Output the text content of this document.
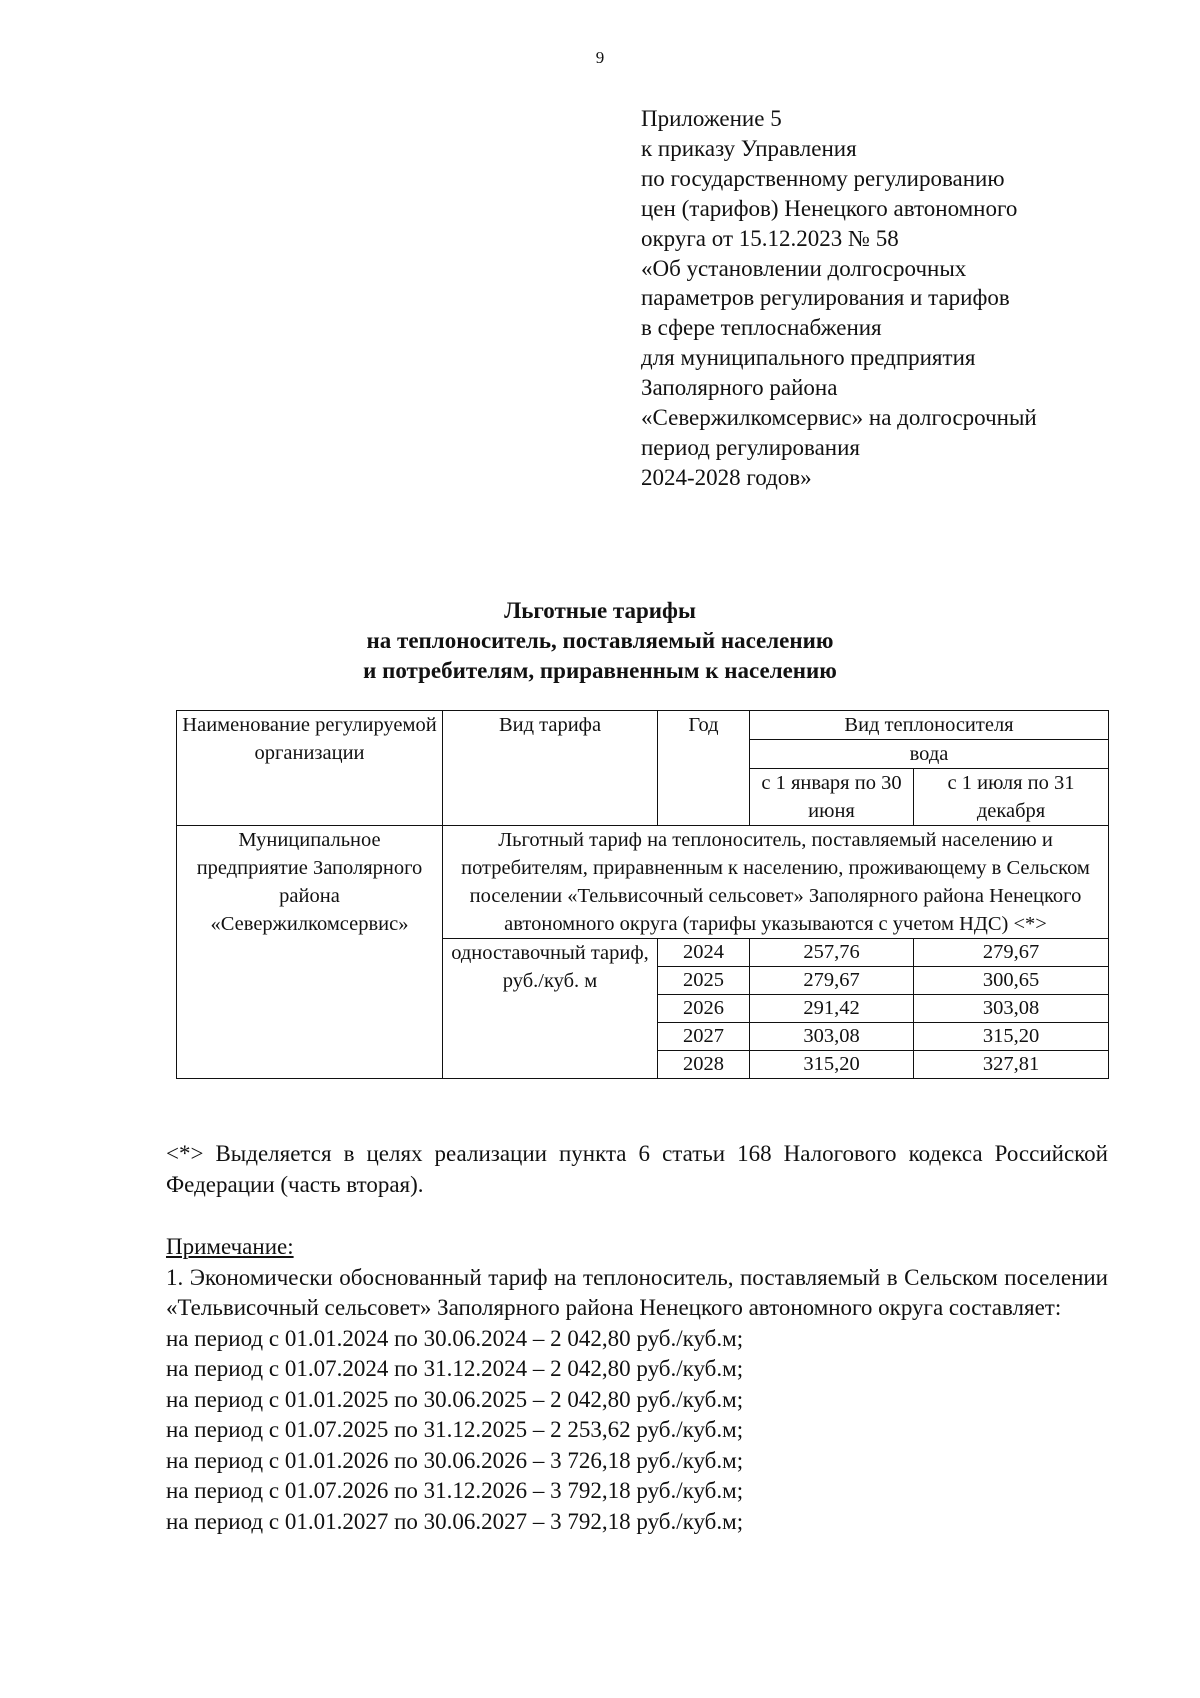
9
Приложение 5
к приказу Управления
по государственному регулированию
цен (тарифов) Ненецкого автономного
округа от 15.12.2023 № 58
«Об установлении долгосрочных
параметров регулирования и тарифов
в сфере теплоснабжения
для муниципального предприятия
Заполярного района
«Севержилкомсервис» на долгосрочный
период регулирования
2024-2028 годов»
Льготные тарифы
на теплоноситель, поставляемый населению
и потребителям, приравненным к населению
Наименование регулируемой организации	Вид тарифа	Год	Вид теплоносителя	
			вода	
			с 1 января по 30 июня	с 1 июля по 31 декабря
Муниципальное предприятие Заполярного района «Севержилкомсервис»	Льготный тариф на теплоноситель, поставляемый населению и потребителям, приравненным к населению, проживающему в Сельском поселении «Тельвисочный сельсовет» Заполярного района Ненецкого автономного округа (тарифы указываются с учетом НДС) <*>			
	одноставочный тариф, руб./куб. м	2024	257,76	279,67
		2025	279,67	300,65
		2026	291,42	303,08
		2027	303,08	315,20
		2028	315,20	327,81
<*> Выделяется в целях реализации пункта 6 статьи 168 Налогового кодекса Российской Федерации (часть вторая).
Примечание:
1. Экономически обоснованный тариф на теплоноситель, поставляемый в Сельском поселении «Тельвисочный сельсовет» Заполярного района Ненецкого автономного округа составляет:
на период с 01.01.2024 по 30.06.2024 – 2 042,80 руб./куб.м;
на период с 01.07.2024 по 31.12.2024 – 2 042,80 руб./куб.м;
на период с 01.01.2025 по 30.06.2025 – 2 042,80 руб./куб.м;
на период с 01.07.2025 по 31.12.2025 – 2 253,62 руб./куб.м;
на период с 01.01.2026 по 30.06.2026 – 3 726,18 руб./куб.м;
на период с 01.07.2026 по 31.12.2026 – 3 792,18 руб./куб.м;
на период с 01.01.2027 по 30.06.2027 – 3 792,18 руб./куб.м;
